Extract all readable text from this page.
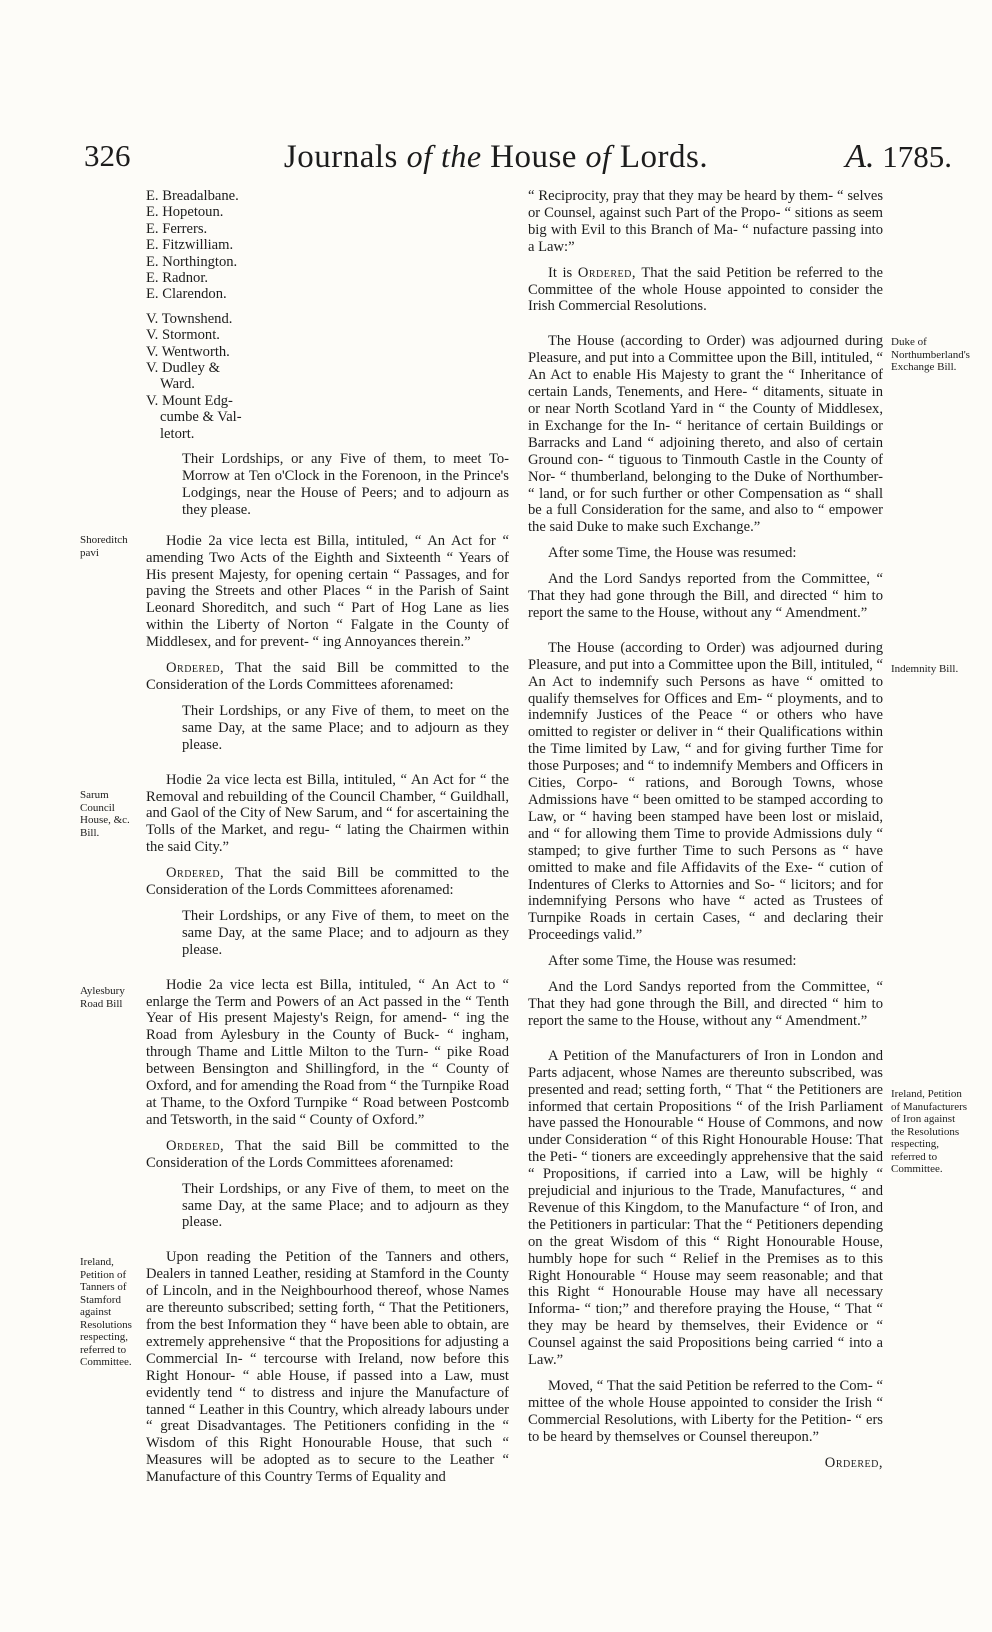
326	Journals of the House of Lords.	A. 1785.
E. Breadalbane.
E. Hopetoun.
E. Ferrers.
E. Fitzwilliam.
E. Northington.
E. Radnor.
E. Clarendon.
V. Townshend.
V. Stormont.
V. Wentworth.
V. Dudley &
Ward.
V. Mount Edg-
cumbe & Val-
letort.

Their Lordships, or any Five of them, to meet To-Morrow at Ten o'Clock in the Forenoon, in the Prince's Lodgings, near the House of Peers; and to adjourn as they please.

Hodie 2a vice lecta est Billa, intituled, “ An Act for “ amending Two Acts of the Eighth and Sixteenth “ Years of His present Majesty, for opening certain “ Passages, and for paving the Streets and other Places “ in the Parish of Saint Leonard Shoreditch, and such “ Part of Hog Lane as lies within the Liberty of Norton “ Falgate in the County of Middlesex, and for prevent- “ ing Annoyances therein.”

Ordered, That the said Bill be committed to the Consideration of the Lords Committees aforenamed:

Their Lordships, or any Five of them, to meet on the same Day, at the same Place; and to adjourn as they please.

Hodie 2a vice lecta est Billa, intituled, “ An Act for “ the Removal and rebuilding of the Council Chamber, “ Guildhall, and Gaol of the City of New Sarum, and “ for ascertaining the Tolls of the Market, and regu- “ lating the Chairmen within the said City.”

Ordered, That the said Bill be committed to the Consideration of the Lords Committees aforenamed:

Their Lordships, or any Five of them, to meet on the same Day, at the same Place; and to adjourn as they please.

Hodie 2a vice lecta est Billa, intituled, “ An Act to “ enlarge the Term and Powers of an Act passed in the “ Tenth Year of His present Majesty's Reign, for amend- “ ing the Road from Aylesbury in the County of Buck- “ ingham, through Thame and Little Milton to the Turn- “ pike Road between Bensington and Shillingford, in the “ County of Oxford, and for amending the Road from “ the Turnpike Road at Thame, to the Oxford Turnpike “ Road between Postcomb and Tetsworth, in the said “ County of Oxford.”

Ordered, That the said Bill be committed to the Consideration of the Lords Committees aforenamed:

Their Lordships, or any Five of them, to meet on the same Day, at the same Place; and to adjourn as they please.

Upon reading the Petition of the Tanners and others, Dealers in tanned Leather, residing at Stamford in the County of Lincoln, and in the Neighbourhood thereof, whose Names are thereunto subscribed; setting forth, “ That the Petitioners, from the best Information they “ have been able to obtain, are extremely apprehensive “ that the Propositions for adjusting a Commercial In- “ tercourse with Ireland, now before this Right Honour- “ able House, if passed into a Law, must evidently tend “ to distress and injure the Manufacture of tanned “ Leather in this Country, which already labours under “ great Disadvantages. The Petitioners confiding in the “ Wisdom of this Right Honourable House, that such “ Measures will be adopted as to secure to the Leather “ Manufacture of this Country Terms of Equality and

“ Reciprocity, pray that they may be heard by them- “ selves or Counsel, against such Part of the Propo- “ sitions as seem big with Evil to this Branch of Ma- “ nufacture passing into a Law:”

It is Ordered, That the said Petition be referred to the Committee of the whole House appointed to consider the Irish Commercial Resolutions.

The House (according to Order) was adjourned during Pleasure, and put into a Committee upon the Bill, intituled, “ An Act to enable His Majesty to grant the “ Inheritance of certain Lands, Tenements, and Here- “ ditaments, situate in or near North Scotland Yard in “ the County of Middlesex, in Exchange for the In- “ heritance of certain Buildings or Barracks and Land “ adjoining thereto, and also of certain Ground con- “ tiguous to Tinmouth Castle in the County of Nor- “ thumberland, belonging to the Duke of Northumber- “ land, or for such further or other Compensation as “ shall be a full Consideration for the same, and also to “ empower the said Duke to make such Exchange.”

After some Time, the House was resumed:

And the Lord Sandys reported from the Committee, “ That they had gone through the Bill, and directed “ him to report the same to the House, without any “ Amendment.”

The House (according to Order) was adjourned during Pleasure, and put into a Committee upon the Bill, intituled, “ An Act to indemnify such Persons as have “ omitted to qualify themselves for Offices and Em- “ ployments, and to indemnify Justices of the Peace “ or others who have omitted to register or deliver in “ their Qualifications within the Time limited by Law, “ and for giving further Time for those Purposes; and “ to indemnify Members and Officers in Cities, Corpo- “ rations, and Borough Towns, whose Admissions have “ been omitted to be stamped according to Law, or “ having been stamped have been lost or mislaid, and “ for allowing them Time to provide Admissions duly “ stamped; to give further Time to such Persons as “ have omitted to make and file Affidavits of the Exe- “ cution of Indentures of Clerks to Attornies and So- “ licitors; and for indemnifying Persons who have “ acted as Trustees of Turnpike Roads in certain Cases, “ and declaring their Proceedings valid.”

After some Time, the House was resumed:

And the Lord Sandys reported from the Committee, “ That they had gone through the Bill, and directed “ him to report the same to the House, without any “ Amendment.”

A Petition of the Manufacturers of Iron in London and Parts adjacent, whose Names are thereunto subscribed, was presented and read; setting forth, “ That “ the Petitioners are informed that certain Propositions “ of the Irish Parliament have passed the Honourable “ House of Commons, and now under Consideration “ of this Right Honourable House: That the Peti- “ tioners are exceedingly apprehensive that the said “ Propositions, if carried into a Law, will be highly “ prejudicial and injurious to the Trade, Manufactures, “ and Revenue of this Kingdom, to the Manufacture “ of Iron, and the Petitioners in particular: That the “ Petitioners depending on the great Wisdom of this “ Right Honourable House, humbly hope for such “ Relief in the Premises as to this Right Honourable “ House may seem reasonable; and that this Right “ Honourable House may have all necessary Informa- “ tion;” and therefore praying the House, “ That “ they may be heard by themselves, their Evidence or “ Counsel against the said Propositions being carried “ into a Law.”

Moved, “ That the said Petition be referred to the Com- “ mittee of the whole House appointed to consider the Irish “ Commercial Resolutions, with Liberty for the Petition- “ ers to be heard by themselves or Counsel thereupon.”

Ordered,
Shoreditch pavi
Sarum Council House, &c. Bill.
Aylesbury Road Bill
Ireland, Petition of Tanners of Stamford against Resolutions respecting, referred to Committee.
Duke of Northumberland's Exchange Bill.
Indemnity Bill.
Ireland, Petition of Manufacturers of Iron against the Resolutions respecting, referred to Committee.
